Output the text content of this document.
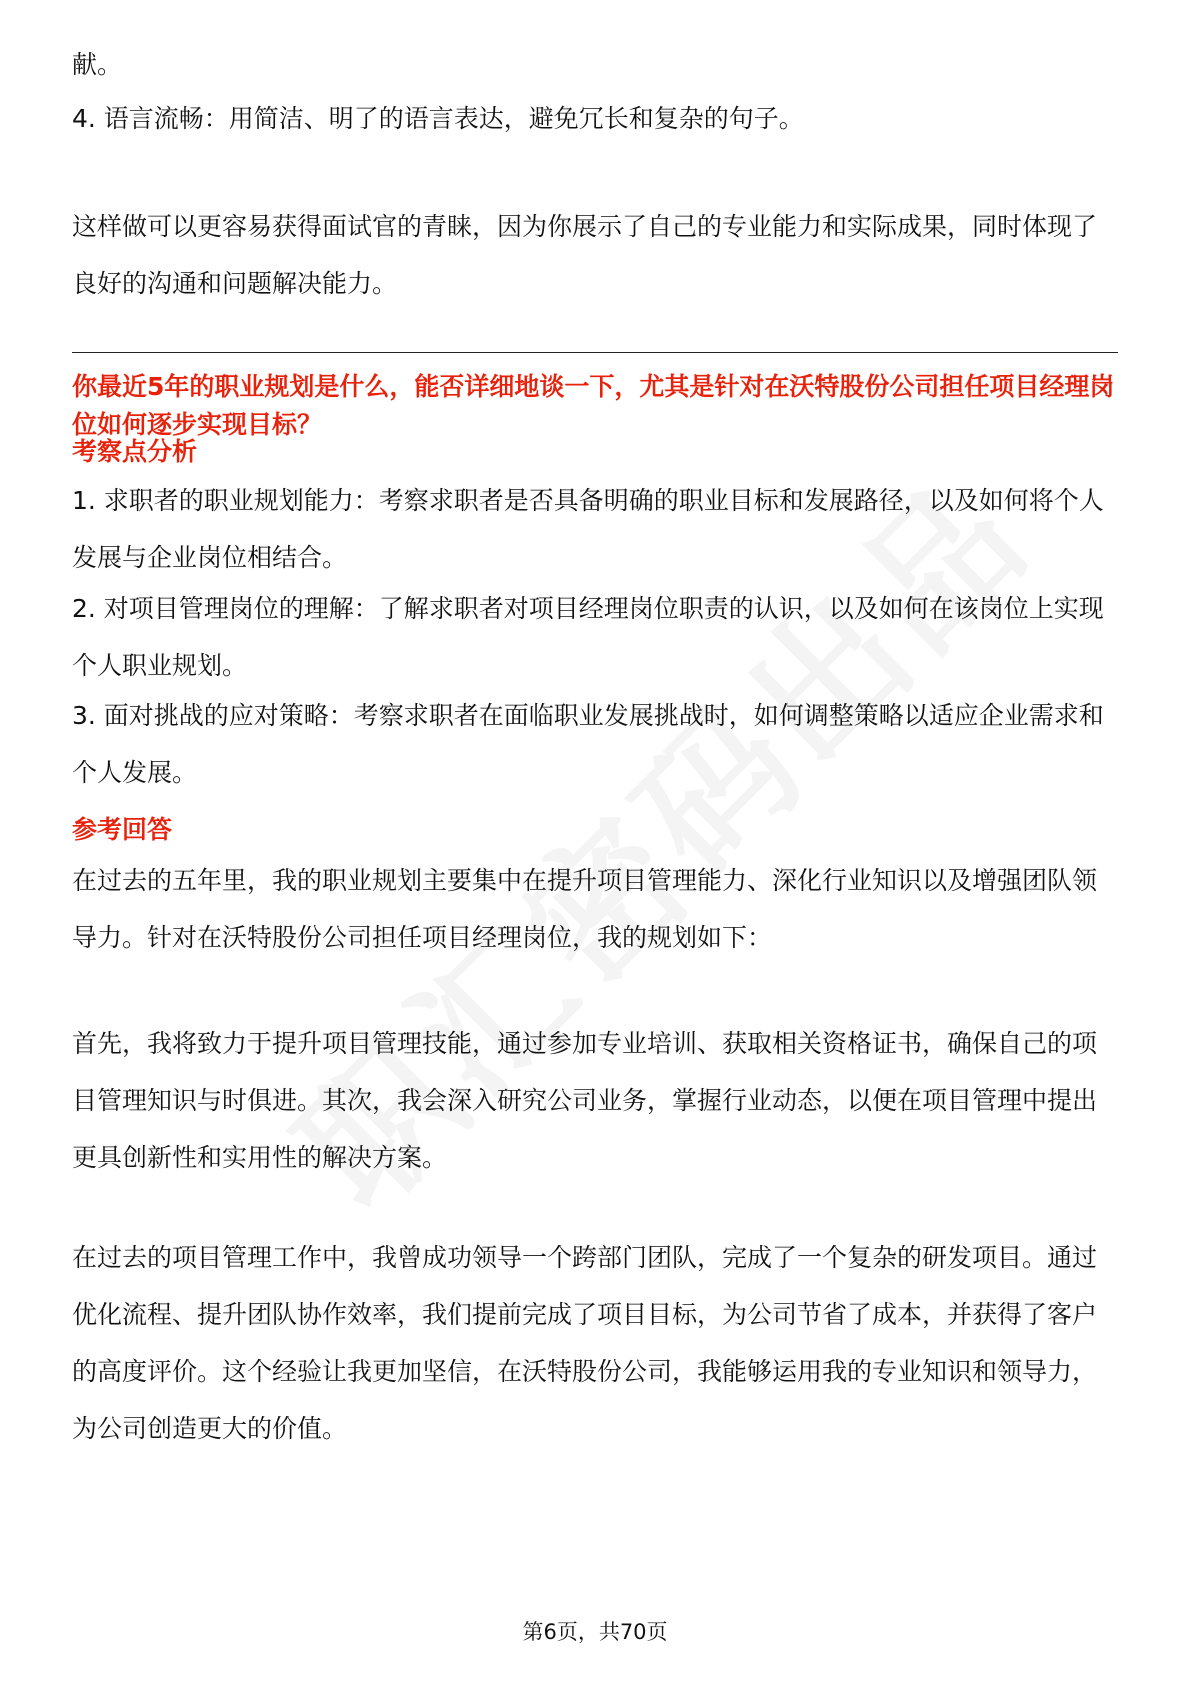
献。

4. 语言流畅：用简洁、明了的语言表达，避免冗长和复杂的句子。

这样做可以更容易获得面试官的青睐，因为你展示了自己的专业能力和实际成果，同时体现了良好的沟通和问题解决能力。

你最近5年的职业规划是什么，能否详细地谈一下，尤其是针对在沃特股份公司担任项目经理岗位如何逐步实现目标？

考察点分析

1. 求职者的职业规划能力：考察求职者是否具备明确的职业目标和发展路径，以及如何将个人发展与企业岗位相结合。

2. 对项目管理岗位的理解：了解求职者对项目经理岗位职责的认识，以及如何在该岗位上实现个人职业规划。

3. 面对挑战的应对策略：考察求职者在面临职业发展挑战时，如何调整策略以适应企业需求和个人发展。

参考回答

在过去的五年里，我的职业规划主要集中在提升项目管理能力、深化行业知识以及增强团队领导力。针对在沃特股份公司担任项目经理岗位，我的规划如下：

首先，我将致力于提升项目管理技能，通过参加专业培训、获取相关资格证书，确保自己的项目管理知识与时俱进。其次，我会深入研究公司业务，掌握行业动态，以便在项目管理中提出更具创新性和实用性的解决方案。

在过去的项目管理工作中，我曾成功领导一个跨部门团队，完成了一个复杂的研发项目。通过优化流程、提升团队协作效率，我们提前完成了项目目标，为公司节省了成本，并获得了客户的高度评价。这个经验让我更加坚信，在沃特股份公司，我能够运用我的专业知识和领导力，为公司创造更大的价值。

第6页，共70页
